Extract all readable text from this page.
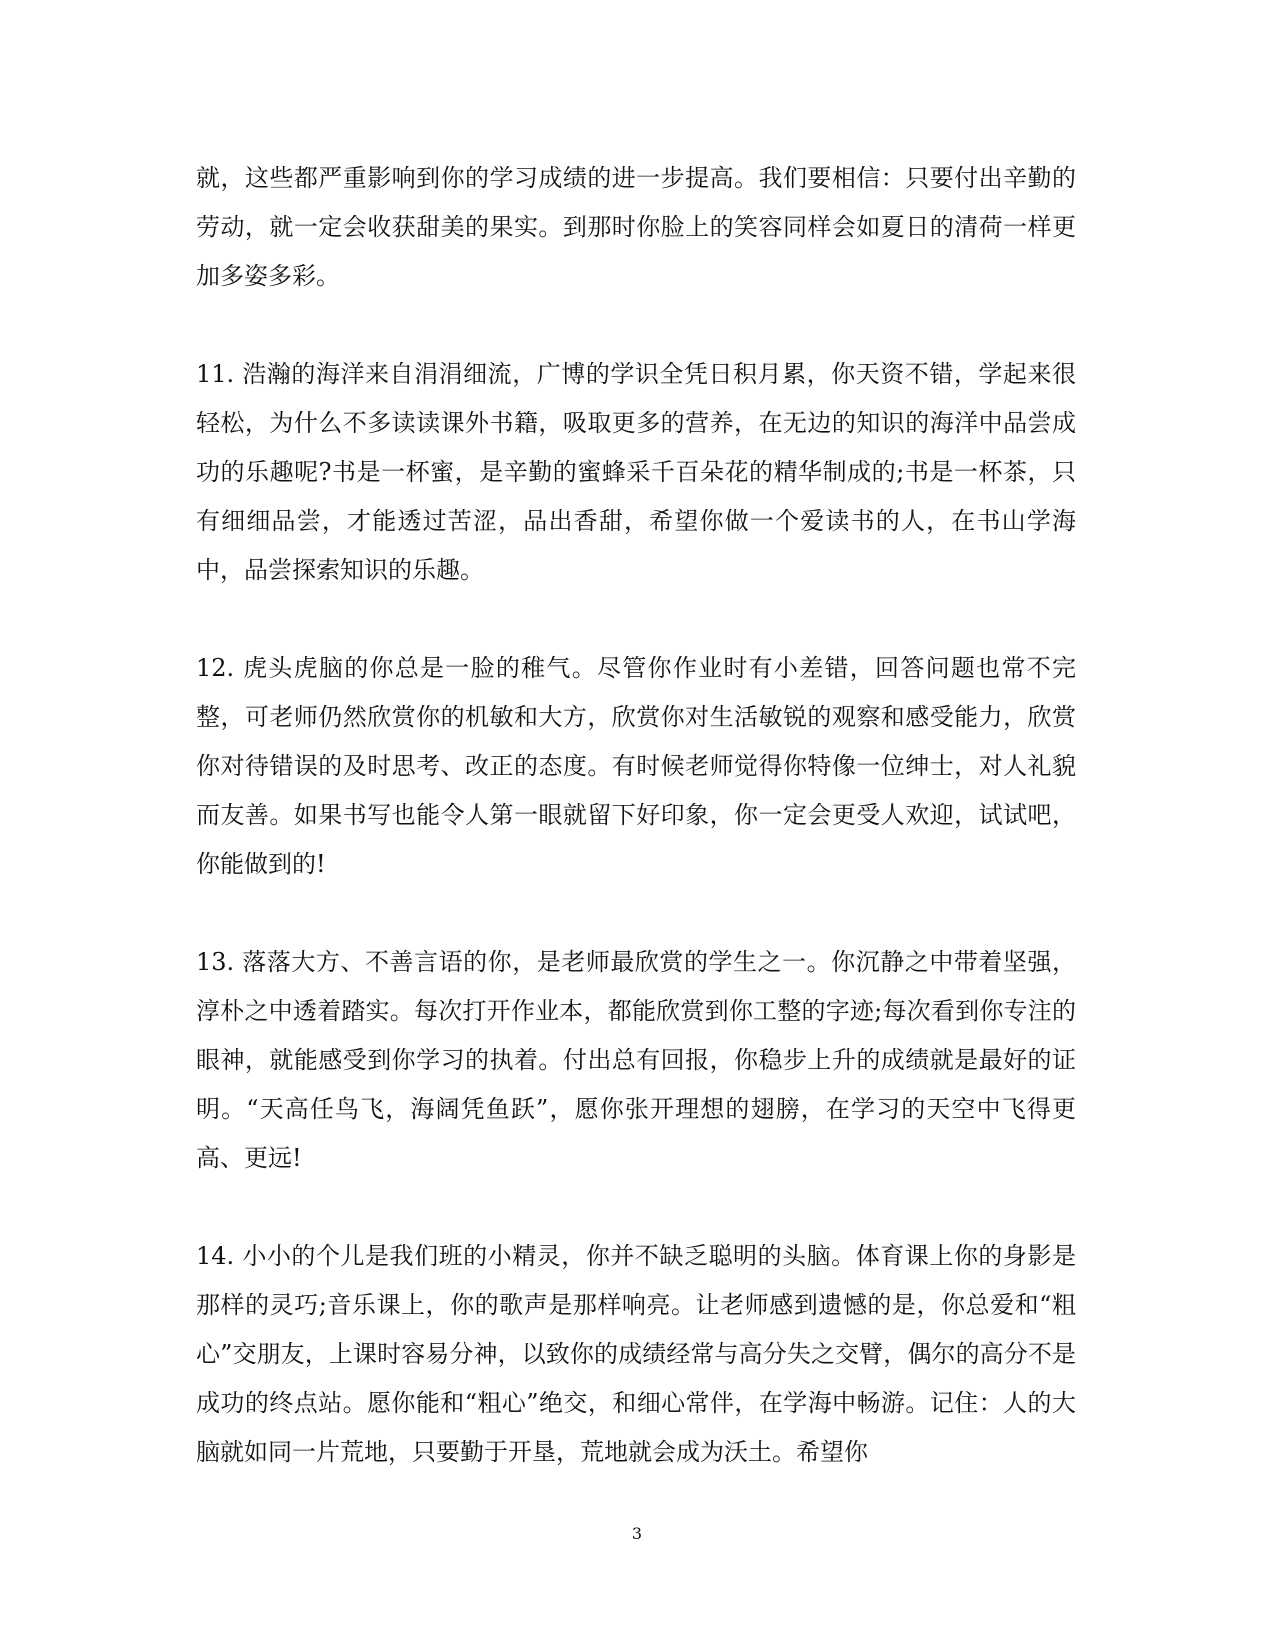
就，这些都严重影响到你的学习成绩的进一步提高。我们要相信：只要付出辛勤的劳动，就一定会收获甜美的果实。到那时你脸上的笑容同样会如夏日的清荷一样更加多姿多彩。

11. 浩瀚的海洋来自涓涓细流，广博的学识全凭日积月累，你天资不错，学起来很轻松，为什么不多读读课外书籍，吸取更多的营养，在无边的知识的海洋中品尝成功的乐趣呢?书是一杯蜜，是辛勤的蜜蜂采千百朵花的精华制成的;书是一杯茶，只有细细品尝，才能透过苦涩，品出香甜，希望你做一个爱读书的人，在书山学海中，品尝探索知识的乐趣。

12. 虎头虎脑的你总是一脸的稚气。尽管你作业时有小差错，回答问题也常不完整，可老师仍然欣赏你的机敏和大方，欣赏你对生活敏锐的观察和感受能力，欣赏你对待错误的及时思考、改正的态度。有时候老师觉得你特像一位绅士，对人礼貌而友善。如果书写也能令人第一眼就留下好印象，你一定会更受人欢迎，试试吧，你能做到的!

13. 落落大方、不善言语的你，是老师最欣赏的学生之一。你沉静之中带着坚强，淳朴之中透着踏实。每次打开作业本，都能欣赏到你工整的字迹;每次看到你专注的眼神，就能感受到你学习的执着。付出总有回报，你稳步上升的成绩就是最好的证明。“天高任鸟飞，海阔凭鱼跃”，愿你张开理想的翅膀，在学习的天空中飞得更高、更远!

14. 小小的个儿是我们班的小精灵，你并不缺乏聪明的头脑。体育课上你的身影是那样的灵巧;音乐课上，你的歌声是那样响亮。让老师感到遗憾的是，你总爱和“粗心”交朋友，上课时容易分神，以致你的成绩经常与高分失之交臂，偶尔的高分不是成功的终点站。愿你能和“粗心”绝交，和细心常伴，在学海中畅游。记住：人的大脑就如同一片荒地，只要勤于开垦，荒地就会成为沃土。希望你

3
